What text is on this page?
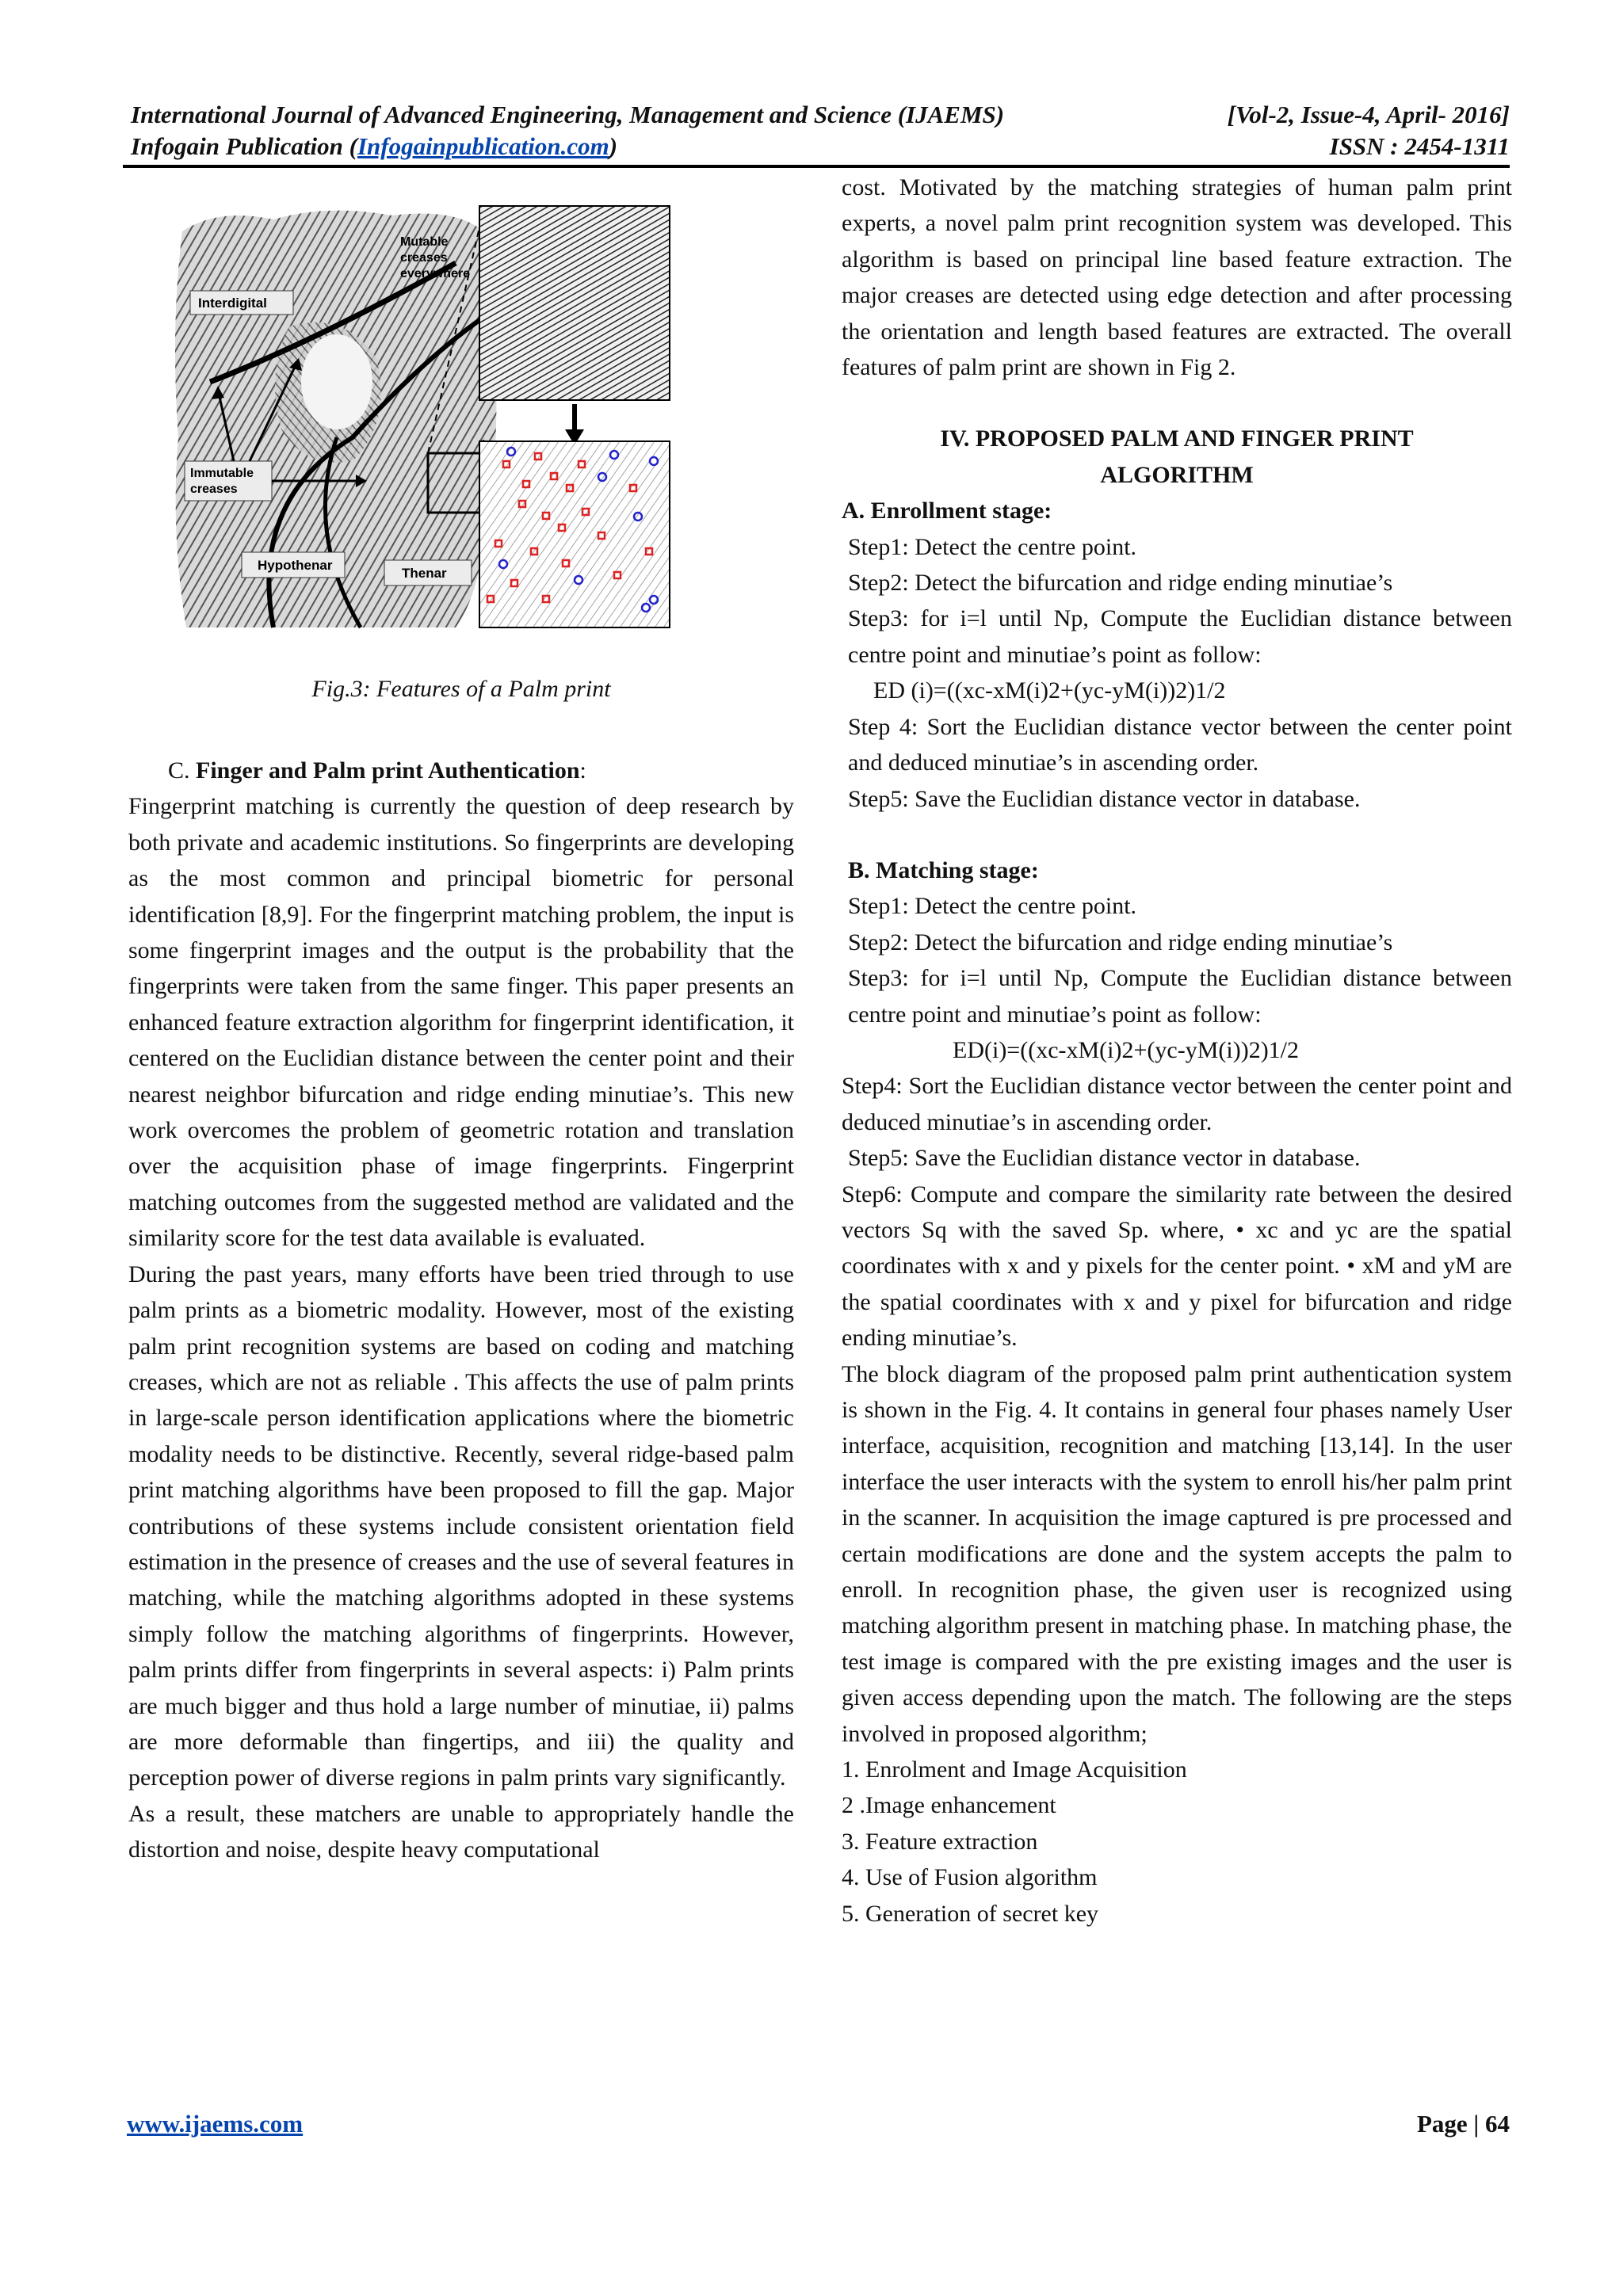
International Journal of Advanced Engineering, Management and Science (IJAEMS)	[Vol-2, Issue-4, April- 2016]
Infogain Publication (Infogainpublication.com)	ISSN : 2454-1311
Interdigital
Immutable
creases
Hypothenar
Thenar
Mutable
creases
everywhere
Fig.3: Features of a Palm print

C. Finger and Palm print Authentication:

Fingerprint matching is currently the question of deep research by both private and academic institutions. So fingerprints are developing as the most common and principal biometric for personal identification [8,9]. For the fingerprint matching problem, the input is some fingerprint images and the output is the probability that the fingerprints were taken from the same finger. This paper presents an enhanced feature extraction algorithm for fingerprint identification, it centered on the Euclidian distance between the center point and their nearest neighbor bifurcation and ridge ending minutiae’s. This new work overcomes the problem of geometric rotation and translation over the acquisition phase of image fingerprints. Fingerprint matching outcomes from the suggested method are validated and the similarity score for the test data available is evaluated.

During the past years, many efforts have been tried through to use palm prints as a biometric modality. However, most of the existing palm print recognition systems are based on coding and matching creases, which are not as reliable . This affects the use of palm prints in large-scale person identification applications where the biometric modality needs to be distinctive. Recently, several ridge-based palm print matching algorithms have been proposed to fill the gap. Major contributions of these systems include consistent orientation field estimation in the presence of creases and the use of several features in matching, while the matching algorithms adopted in these systems simply follow the matching algorithms of fingerprints. However, palm prints differ from fingerprints in several aspects: i) Palm prints are much bigger and thus hold a large number of minutiae, ii) palms are more deformable than fingertips, and iii) the quality and perception power of diverse regions in palm prints vary significantly.

As a result, these matchers are unable to appropriately handle the distortion and noise, despite heavy computational

cost. Motivated by the matching strategies of human palm print experts, a novel palm print recognition system was developed. This algorithm is based on principal line based feature extraction. The major creases are detected using edge detection and after processing the orientation and length based features are extracted. The overall features of palm print are shown in Fig 2.

IV. PROPOSED PALM AND FINGER PRINT

ALGORITHM

A. Enrollment stage:

Step1: Detect the centre point.

Step2: Detect the bifurcation and ridge ending minutiae’s

Step3: for i=l until Np, Compute the Euclidian distance between centre point and minutiae’s point as follow:

ED (i)=((xc-xM(i)2+(yc-yM(i))2)1/2

Step 4: Sort the Euclidian distance vector between the center point and deduced minutiae’s in ascending order.

Step5: Save the Euclidian distance vector in database.

B. Matching stage:

Step1: Detect the centre point.

Step2: Detect the bifurcation and ridge ending minutiae’s

Step3: for i=l until Np, Compute the Euclidian distance between centre point and minutiae’s point as follow:

ED(i)=((xc-xM(i)2+(yc-yM(i))2)1/2

Step4: Sort the Euclidian distance vector between the center point and deduced minutiae’s in ascending order.

Step5: Save the Euclidian distance vector in database.

Step6: Compute and compare the similarity rate between the desired vectors Sq with the saved Sp. where, • xc and yc are the spatial coordinates with x and y pixels for the center point. • xM and yM are the spatial coordinates with x and y pixel for bifurcation and ridge ending minutiae’s.

The block diagram of the proposed palm print authentication system is shown in the Fig. 4. It contains in general four phases namely User interface, acquisition, recognition and matching [13,14]. In the user interface the user interacts with the system to enroll his/her palm print in the scanner. In acquisition the image captured is pre processed and certain modifications are done and the system accepts the palm to enroll. In recognition phase, the given user is recognized using matching algorithm present in matching phase. In matching phase, the test image is compared with the pre existing images and the user is given access depending upon the match. The following are the steps involved in proposed algorithm;

1. Enrolment and Image Acquisition

2 .Image enhancement

3. Feature extraction

4. Use of Fusion algorithm

5. Generation of secret key

www.ijaems.com	Page | 64
